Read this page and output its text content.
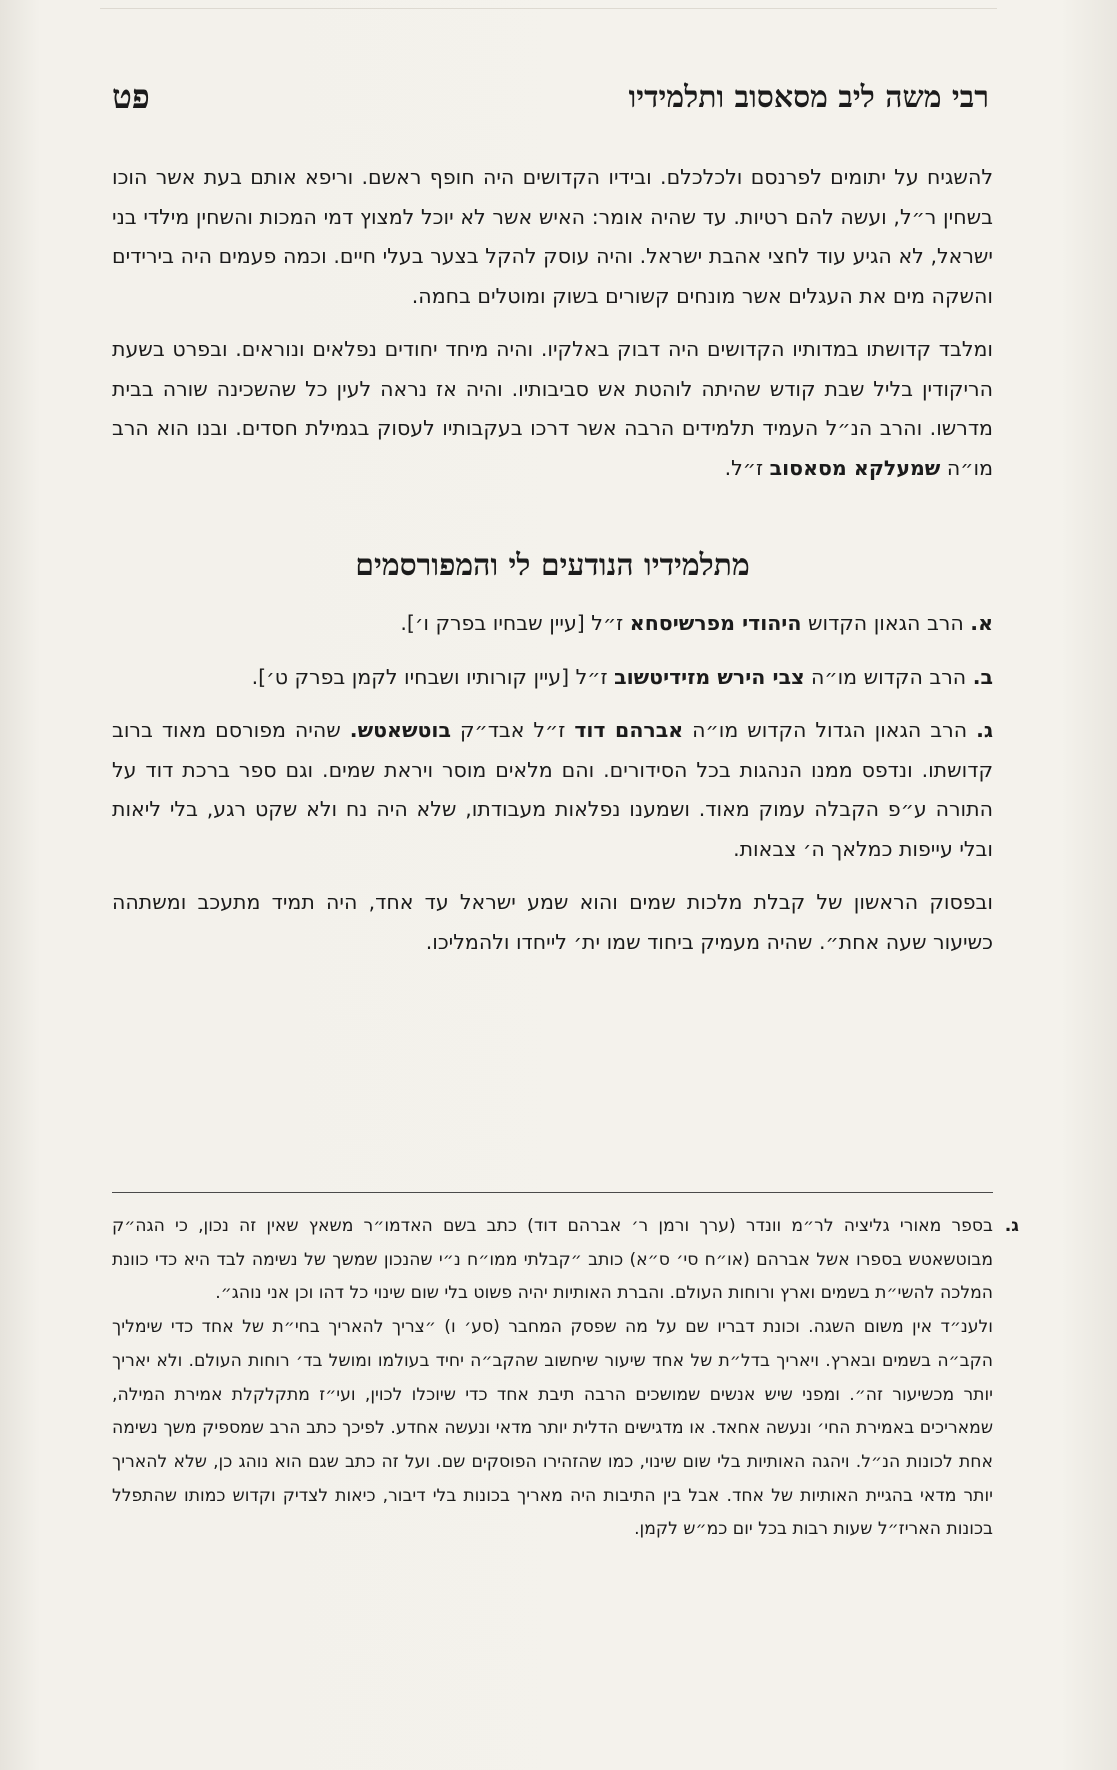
רבי משה ליב מסאסוב ותלמידיו
פט

להשגיח על יתומים לפרנסם ולכלכלם. ובידיו הקדושים היה חופף ראשם. וריפא אותם בעת אשר הוכו בשחין ר״ל, ועשה להם רטיות. עד שהיה אומר: האיש אשר לא יוכל למצוץ דמי המכות והשחין מילדי בני ישראל, לא הגיע עוד לחצי אהבת ישראל. והיה עוסק להקל בצער בעלי חיים. וכמה פעמים היה בירידים והשקה מים את העגלים אשר מונחים קשורים בשוק ומוטלים בחמה.

ומלבד קדושתו במדותיו הקדושים היה דבוק באלקיו. והיה מיחד יחודים נפלאים ונוראים. ובפרט בשעת הריקודין בליל שבת קודש שהיתה לוהטת אש סביבותיו. והיה אז נראה לעין כל שהשכינה שורה בבית מדרשו. והרב הנ״ל העמיד תלמידים הרבה אשר דרכו בעקבותיו לעסוק בגמילת חסדים. ובנו הוא הרב מו״ה שמעלקא מסאסוב ז״ל.

מתלמידיו הנודעים לי והמפורסמים

א. הרב הגאון הקדוש היהודי מפרשיסחא ז״ל [עיין שבחיו בפרק ו׳].

ב. הרב הקדוש מו״ה צבי הירש מזידיטשוב ז״ל [עיין קורותיו ושבחיו לקמן בפרק ט׳].

ג. הרב הגאון הגדול הקדוש מו״ה אברהם דוד ז״ל אבד״ק בוטשאטש. שהיה מפורסם מאוד ברוב קדושתו. ונדפס ממנו הנהגות בכל הסידורים. והם מלאים מוסר ויראת שמים. וגם ספר ברכת דוד על התורה ע״פ הקבלה עמוק מאוד. ושמענו נפלאות מעבודתו, שלא היה נח ולא שקט רגע, בלי ליאות ובלי עייפות כמלאך ה׳ צבאות.

ובפסוק הראשון של קבלת מלכות שמים והוא שמע ישראל עד אחד, היה תמיד מתעכב ומשתהה כשיעור שעה אחת״. שהיה מעמיק ביחוד שמו ית׳ לייחדו ולהמליכו.

ג.

בספר מאורי גליציה לר״מ וונדר (ערך ורמן ר׳ אברהם דוד) כתב בשם האדמו״ר משאץ שאין זה נכון, כי הגה״ק מבוטשאטש בספרו אשל אברהם (או״ח סי׳ ס״א) כותב ״קבלתי ממו״ח נ״י שהנכון שמשך של נשימה לבד היא כדי כוונת המלכה להשי״ת בשמים וארץ ורוחות העולם. והברת האותיות יהיה פשוט בלי שום שינוי כל דהו וכן אני נוהג״.

ולענ״ד אין משום השגה. וכונת דבריו שם על מה שפסק המחבר (סע׳ ו) ״צריך להאריך בחי״ת של אחד כדי שימליך הקב״ה בשמים ובארץ. ויאריך בדל״ת של אחד שיעור שיחשוב שהקב״ה יחיד בעולמו ומושל בד׳ רוחות העולם. ולא יאריך יותר מכשיעור זה״. ומפני שיש אנשים שמושכים הרבה תיבת אחד כדי שיוכלו לכוין, ועי״ז מתקלקלת אמירת המילה, שמאריכים באמירת החי׳ ונעשה אחאד. או מדגישים הדלית יותר מדאי ונעשה אחדע. לפיכך כתב הרב שמספיק משך נשימה אחת לכונות הנ״ל. ויהגה האותיות בלי שום שינוי, כמו שהזהירו הפוסקים שם. ועל זה כתב שגם הוא נוהג כן, שלא להאריך יותר מדאי בהגיית האותיות של אחד. אבל בין התיבות היה מאריך בכונות בלי דיבור, כיאות לצדיק וקדוש כמותו שהתפלל בכונות האריז״ל שעות רבות בכל יום כמ״ש לקמן.
